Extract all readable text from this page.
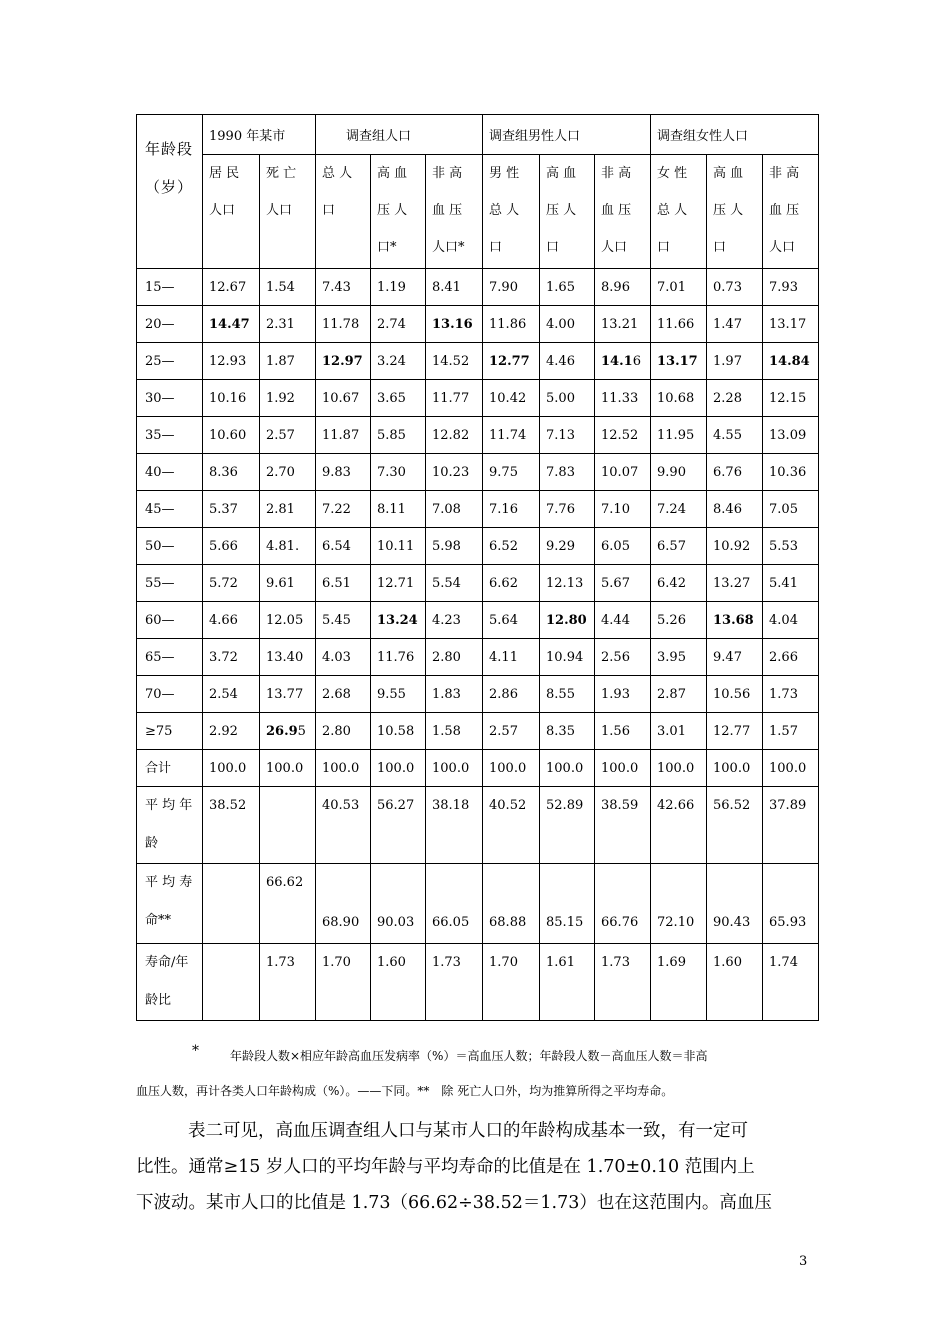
年龄段（岁）	1990 年某市		调查组人口			调查组男性人口			调查组女性人口		
	居 民 人口	死 亡 人口	总 人 口	高 血 压 人 口*	非 高 血 压 人口*	男 性 总 人 口	高 血 压 人 口	非 高 血 压 人口	女 性 总 人 口	高 血 压 人 口	非 高 血 压 人口
15—	12.67	1.54	7.43	1.19	8.41	7.90	1.65	8.96	7.01	0.73	7.93
20—	14.47	2.31	11.78	2.74	13.16	11.86	4.00	13.21	11.66	1.47	13.17
25—	12.93	1.87	12.97	3.24	14.52	12.77	4.46	14.16	13.17	1.97	14.84
30—	10.16	1.92	10.67	3.65	11.77	10.42	5.00	11.33	10.68	2.28	12.15
35—	10.60	2.57	11.87	5.85	12.82	11.74	7.13	12.52	11.95	4.55	13.09
40—	8.36	2.70	9.83	7.30	10.23	9.75	7.83	10.07	9.90	6.76	10.36
45—	5.37	2.81	7.22	8.11	7.08	7.16	7.76	7.10	7.24	8.46	7.05
50—	5.66	4.81.	6.54	10.11	5.98	6.52	9.29	6.05	6.57	10.92	5.53
55—	5.72	9.61	6.51	12.71	5.54	6.62	12.13	5.67	6.42	13.27	5.41
60—	4.66	12.05	5.45	13.24	4.23	5.64	12.80	4.44	5.26	13.68	4.04
65—	3.72	13.40	4.03	11.76	2.80	4.11	10.94	2.56	3.95	9.47	2.66
70—	2.54	13.77	2.68	9.55	1.83	2.86	8.55	1.93	2.87	10.56	1.73
≥75	2.92	26.95	2.80	10.58	1.58	2.57	8.35	1.56	3.01	12.77	1.57
合计	100.0	100.0	100.0	100.0	100.0	100.0	100.0	100.0	100.0	100.0	100.0

平 均 年 龄	38.52		40.53	56.27	38.18	40.52	52.89	38.59	42.66	56.52	37.89

平 均 寿 命**		66.62	68.90	90.03	66.05	68.88	85.15	66.76	72.10	90.43	65.93

寿命/年 龄比		1.73	1.70	1.60	1.73	1.70	1.61	1.73	1.69	1.60	1.74
*	年龄段人数×相应年龄高血压发病率（%）＝高血压人数；年龄段人数－高血压人数＝非高
血压人数，再计各类人口年龄构成（%）。——下同。**　除 死亡人口外，均为推算所得之平均寿命。
表二可见，高血压调查组人口与某市人口的年龄构成基本一致，有一定可
比性。通常≥15 岁人口的平均年龄与平均寿命的比值是在 1.70±0.10 范围内上
下波动。某市人口的比值是 1.73（66.62÷38.52＝1.73）也在这范围内。高血压
3
